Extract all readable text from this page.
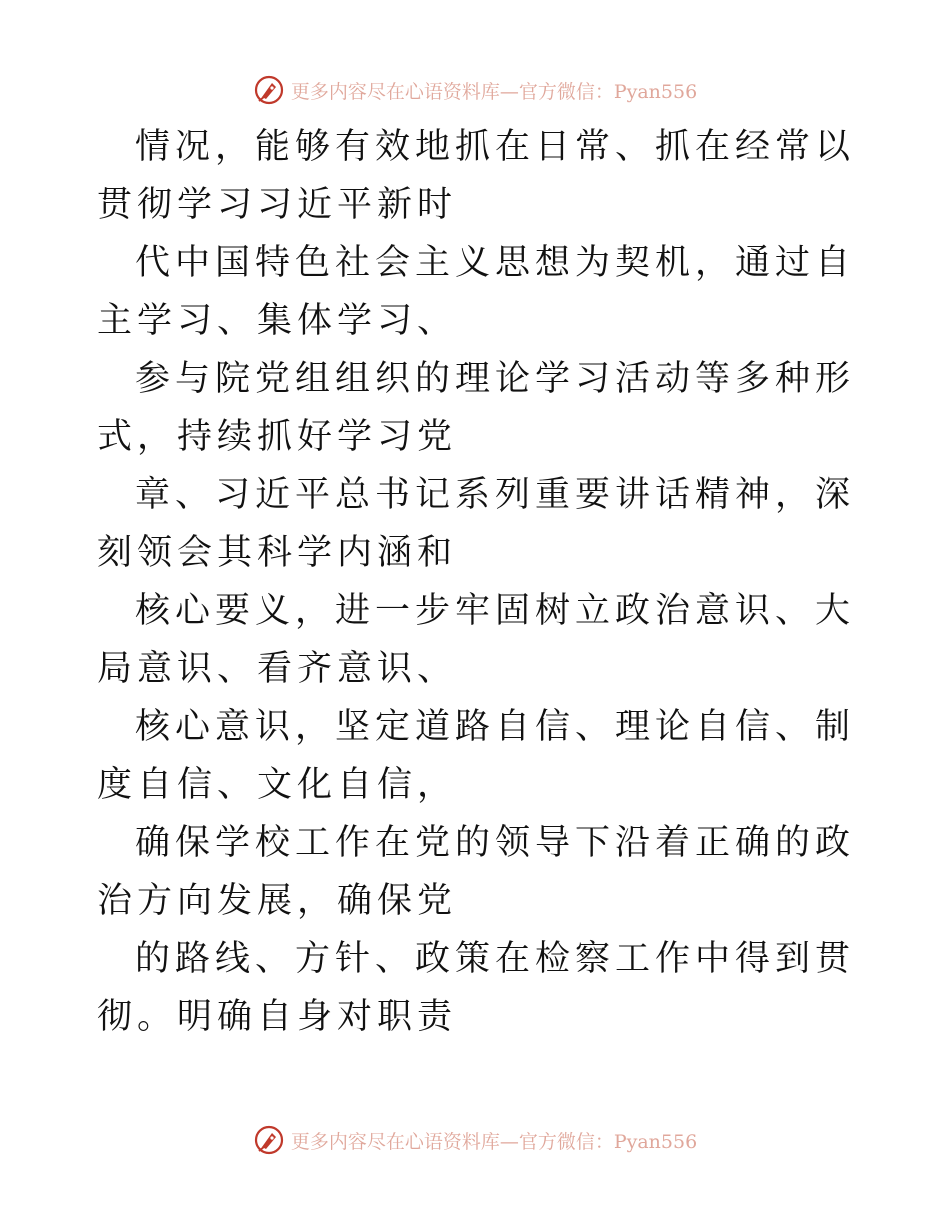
更多内容尽在心语资料库—官方微信：Pyan556

情况，能够有效地抓在日常、抓在经常以贯彻学习习近平新时

代中国特色社会主义思想为契机，通过自主学习、集体学习、

参与院党组组织的理论学习活动等多种形式，持续抓好学习党

章、习近平总书记系列重要讲话精神，深刻领会其科学内涵和

核心要义，进一步牢固树立政治意识、大局意识、看齐意识、

核心意识，坚定道路自信、理论自信、制度自信、文化自信，

确保学校工作在党的领导下沿着正确的政治方向发展，确保党

的路线、方针、政策在检察工作中得到贯彻。明确自身对职责

更多内容尽在心语资料库—官方微信：Pyan556
